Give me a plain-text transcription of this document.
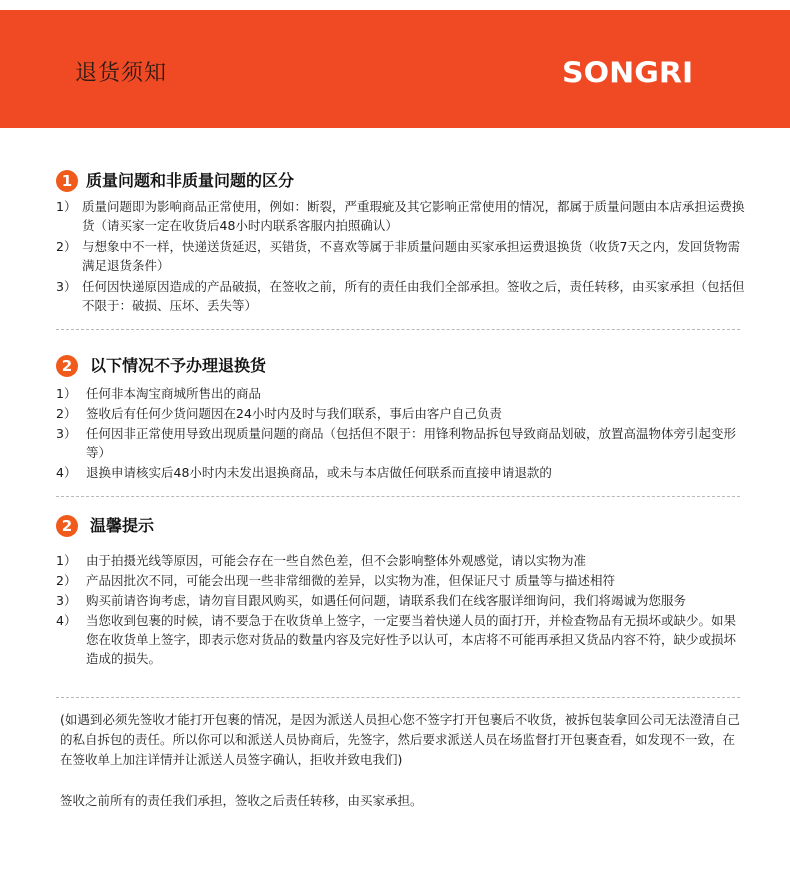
退货须知	SONGRI
1 质量问题和非质量问题的区分
1） 质量问题即为影响商品正常使用，例如：断裂，严重瑕疵及其它影响正常使用的情况，都属于质量问题由本店承担运费换货（请买家一定在收货后48小时内联系客服内拍照确认）
2） 与想象中不一样，快递送货延迟，买错货，不喜欢等属于非质量问题由买家承担运费退换货（收货7天之内，发回货物需满足退货条件）
3） 任何因快递原因造成的产品破损，在签收之前，所有的责任由我们全部承担。签收之后，责任转移，由买家承担（包括但不限于：破损、压坏、丢失等）
2	以下情况不予办理退换货
1） 任何非本淘宝商城所售出的商品
2） 签收后有任何少货问题因在24小时内及时与我们联系，事后由客户自己负责
3） 任何因非正常使用导致出现质量问题的商品（包括但不限于：用锋利物品拆包导致商品划破，放置高温物体旁引起变形等）
4） 退换申请核实后48小时内未发出退换商品，或未与本店做任何联系而直接申请退款的
2	温馨提示
1） 由于拍摄光线等原因，可能会存在一些自然色差，但不会影响整体外观感觉，请以实物为准
2） 产品因批次不同，可能会出现一些非常细微的差异，以实物为准，但保证尺寸 质量等与描述相符
3） 购买前请咨询考虑，请勿盲目跟风购买，如遇任何问题，请联系我们在线客服详细询问，我们将竭诚为您服务
4） 当您收到包裹的时候，请不要急于在收货单上签字，一定要当着快递人员的面打开，并检查物品有无损坏或缺少。如果您在收货单上签字，即表示您对货品的数量内容及完好性予以认可，本店将不可能再承担又货品内容不符，缺少或损坏造成的损失。
(如遇到必须先签收才能打开包裹的情况，是因为派送人员担心您不签字打开包裹后不收货，被拆包装拿回公司无法澄清自己的私自拆包的责任。所以你可以和派送人员协商后，先签字，然后要求派送人员在场监督打开包裹查看，如发现不一致，在在签收单上加注详情并让派送人员签字确认，拒收并致电我们)
签收之前所有的责任我们承担，签收之后责任转移，由买家承担。
